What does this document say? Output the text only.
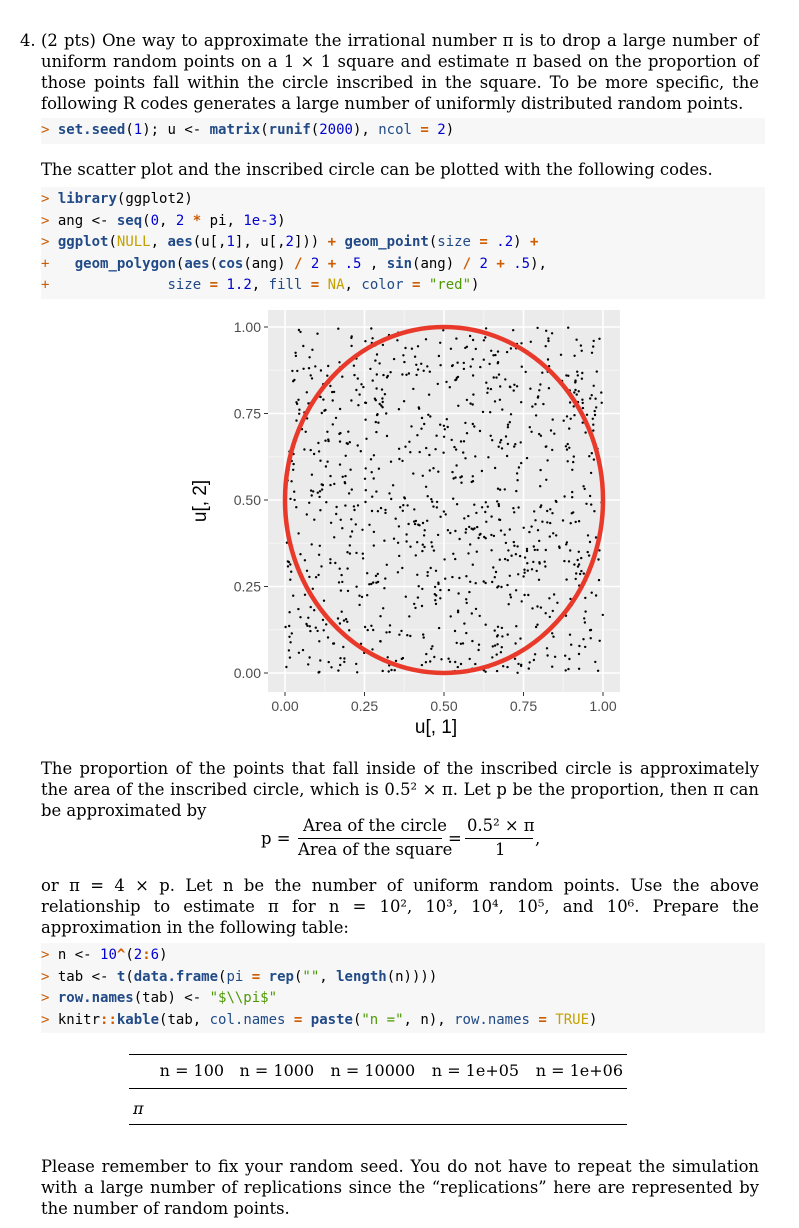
4. (2 pts) One way to approximate the irrational number π is to drop a large number of uniform random points on a 1 × 1 square and estimate π based on the proportion of those points fall within the circle inscribed in the square. To be more specific, the following R codes generates a large number of uniformly distributed random points.

> set.seed(1); u <- matrix(runif(2000), ncol = 2)

The scatter plot and the inscribed circle can be plotted with the following codes.

> library(ggplot2)
> ang <- seq(0, 2 * pi, 1e-3)
> ggplot(NULL, aes(u[,1], u[,2])) + geom_point(size = .2) +
+ geom_polygon(aes(cos(ang) / 2 + .5 , sin(ang) / 2 + .5),
+	size = 1.2, fill = NA, color = "red")
0.00	0.25	0.50	0.75	1.00
0.00
0.25
0.50
0.75
1.00
u[, 1]
u[, 2]

The proportion of the points that fall inside of the inscribed circle is approximately the area of the inscribed circle, which is 0.5² × π. Let p be the proportion, then π can be approximated by

p =
Area of the circle
Area of the square
=
0.5² × π
1
,

or π = 4 × p. Let n be the number of uniform random points. Use the above relationship to estimate π for n = 10², 10³, 10⁴, 10⁵, and 10⁶. Prepare the approximation in the following table:

> n <- 10^(2:6)
> tab <- t(data.frame(pi = rep("", length(n))))
> row.names(tab) <- "$\\pi$"
> knitr::kable(tab, col.names = paste("n =", n), row.names = TRUE)
	n = 100	n = 1000	n = 10000	n = 1e+05	n = 1e+06
π					

Please remember to fix your random seed. You do not have to repeat the simulation with a large number of replications since the “replications” here are represented by the number of random points.
